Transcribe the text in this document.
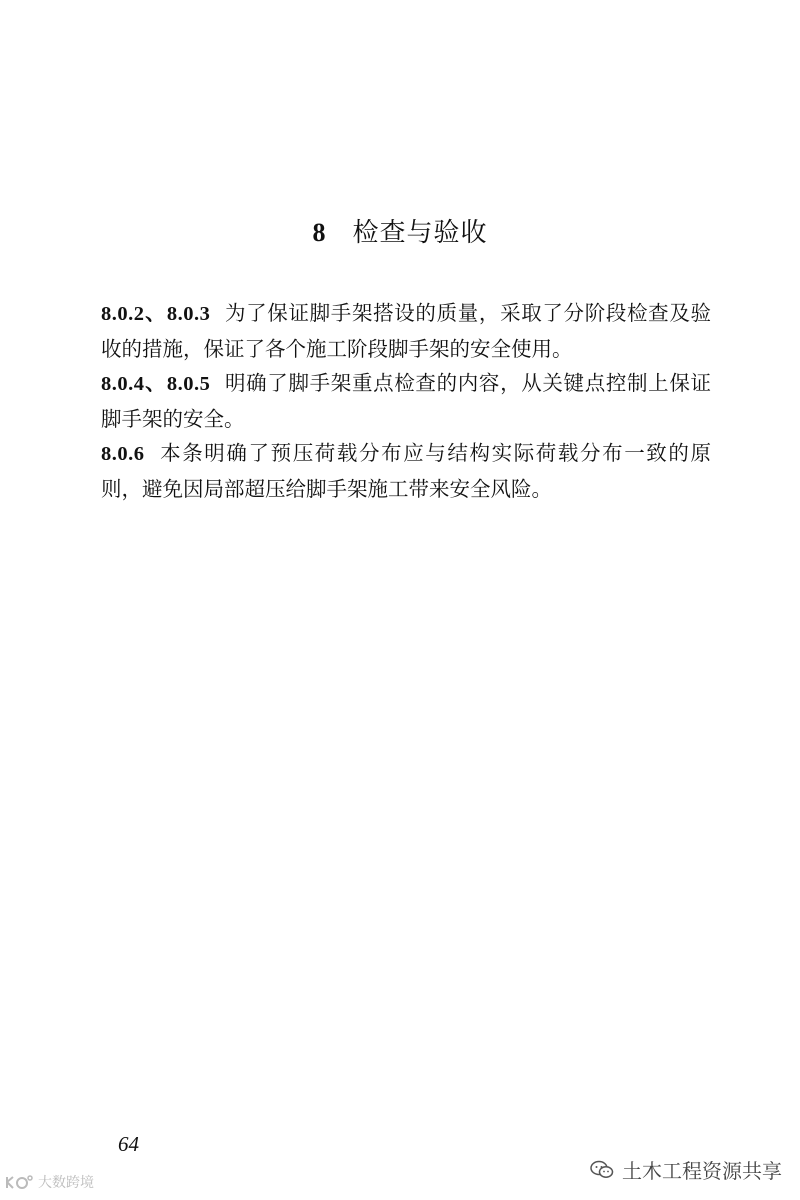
8 检查与验收

8.0.2、8.0.3 为了保证脚手架搭设的质量，采取了分阶段检查及验收的措施，保证了各个施工阶段脚手架的安全使用。

8.0.4、8.0.5 明确了脚手架重点检查的内容，从关键点控制上保证脚手架的安全。

8.0.6 本条明确了预压荷载分布应与结构实际荷载分布一致的原则，避免因局部超压给脚手架施工带来安全风险。

64
土木工程资源共享
大数跨境
